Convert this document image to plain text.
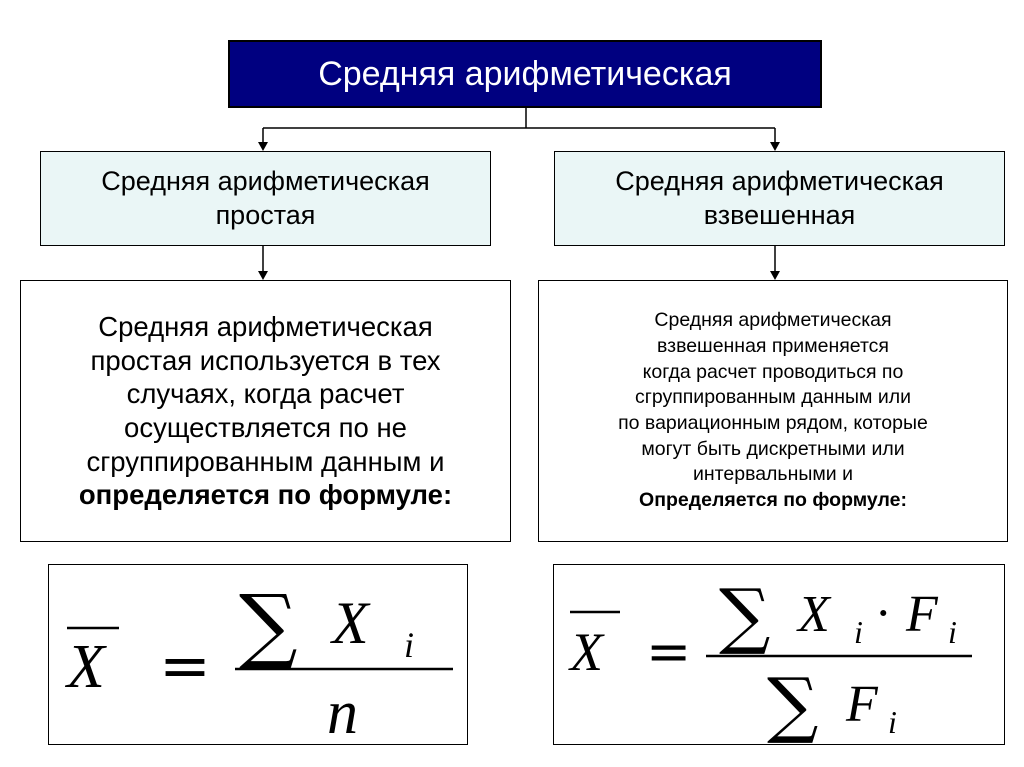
Средняя арифметическая
Средняя арифметическая
простая
Средняя арифметическая
взвешенная
Средняя арифметическая
простая используется в тех
случаях, когда расчет
осуществляется по не
сгруппированным данным и
определяется по формуле:
Средняя арифметическая
взвешенная применяется
когда расчет проводиться по
сгруппированным данным или
по вариационным рядом, которые
могут быть дискретными или
интервальными и
Определяется по формуле:
X = ∑ X i
n
X = ∑ X i · F i
∑ F i
